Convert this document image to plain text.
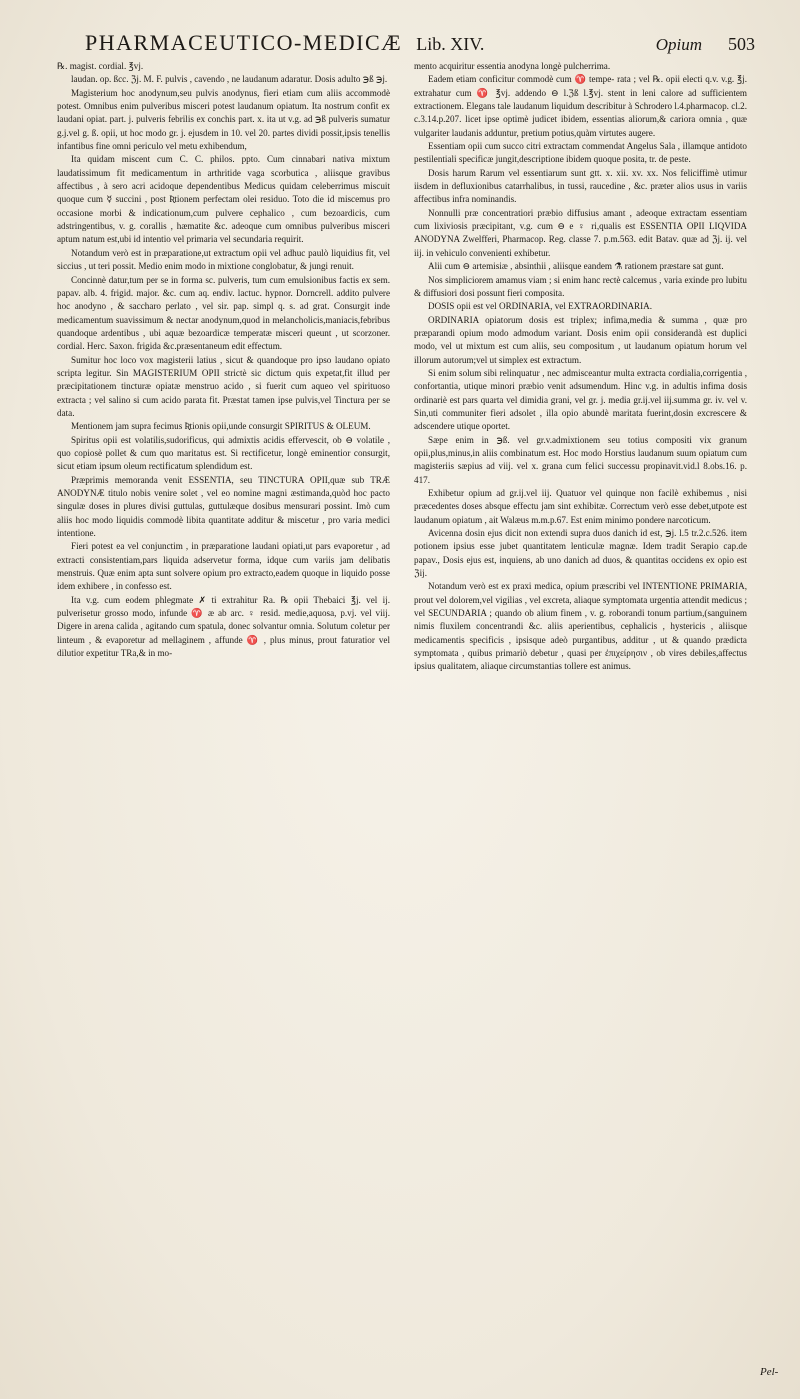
PHARMACEUTICO-MEDICÆ Lib. XIV.	Opium 503

℞. magist. cordial. ℥vj.

laudan. op. ßcc. ℨj. M. F. pulvis , cavendo , ne laudanum adaratur. Dosis adulto ℈ß ℈j.

Magisterium hoc anodynum,seu pulvis anodynus, fieri etiam cum aliis accommodè potest. Omnibus enim pulveribus misceri potest laudanum opiatum. Ita nostrum confit ex laudani opiat. part. j. pulveris febrilis ex conchis part. x. ita ut v.g. ad ℈ß pulveris sumatur g.j.vel g. ß. opii, ut hoc modo gr. j. ejusdem in 10. vel 20. partes dividi possit,ipsis tenellis infantibus fine omni periculo vel metu exhibendum,

Ita quidam miscent cum C. C. philos. ppto. Cum cinnabari nativa mixtum laudatissimum fit medicamentum in arthritide vaga scorbutica , aliisque gravibus affectibus , à sero acri acidoque dependentibus Medicus quidam celeberrimus miscuit quoque cum ☿ succini , post Ʀtionem perfectam olei residuo. Toto die id miscemus pro occasione morbi & indicationum,cum pulvere cephalico , cum bezoardicis, cum adstringentibus, v. g. corallis , hæmatite &c. adeoque cum omnibus pulveribus misceri aptum natum est,ubi id intentio vel primaria vel secundaria requirit.

Notandum verò est in præparatione,ut extractum opii vel adhuc paulò liquidius fit, vel siccius , ut teri possit. Medio enim modo in mixtione conglobatur, & jungi renuit.

Concinnè datur,tum per se in forma sc. pulveris, tum cum emulsionibus factis ex sem. papav. alb. 4. frigid. major. &c. cum aq. endiv. lactuc. hypnor. Dorncrell. addito pulvere hoc anodyno , & saccharo perlato , vel sir. pap. simpl q. s. ad grat. Consurgit inde medicamentum suavissimum & nectar anodynum,quod in melancholicis,maniacis,febribus quandoque ardentibus , ubi aquæ bezoardicæ temperatæ misceri queunt , ut scorzoner. cordial. Herc. Saxon. frigida &c.præsentaneum edit effectum.

Sumitur hoc loco vox magisterii latius , sicut & quandoque pro ipso laudano opiato scripta legitur. Sin MAGISTERIUM OPII strictè sic dictum quis expetat,fit illud per præcipitationem tincturæ opiatæ menstruo acido , si fuerit cum aqueo vel spirituoso extracta ; vel salino si cum acido parata fit. Præstat tamen ipse pulvis,vel Tinctura per se data.

Mentionem jam supra fecimus Ʀtionis opii,unde consurgit SPIRITUS & OLEUM.

Spiritus opii est volatilis,sudorificus, qui admixtis acidis effervescit, ob ⊖ volatile , quo copiosè pollet & cum quo maritatus est. Si rectificetur, longè eminentior consurgit, sicut etiam ipsum oleum rectificatum splendidum est.

Præprimis memoranda venit ESSENTIA, seu TINCTURA OPII,quæ sub TRÆ ANODYNÆ titulo nobis venire solet , vel eo nomine magni æstimanda,quòd hoc pacto singulæ doses in plures divisi guttulas, guttulæque dosibus mensurari possint. Imò cum aliis hoc modo liquidis commodè libita quantitate additur & miscetur , pro varia medici intentione.

Fieri potest ea vel conjunctim , in præparatione laudani opiati,ut pars evaporetur , ad extracti consistentiam,pars liquida adservetur forma, idque cum variis jam delibatis menstruis. Quæ enim apta sunt solvere opium pro extracto,eadem quoque in liquido posse idem exhibere , in confesso est.

Ita v.g. cum eodem phlegmate ✗ ti extrahitur Ra. ℞ opii Thebaici ℥j. vel ij. pulverisetur grosso modo, infunde ♈ æ ab arc. ♀ resid. medie,aquosa, p.vj. vel viij. Digere in arena calida , agitando cum spatula, donec solvantur omnia. Solutum coletur per linteum , & evaporetur ad mellaginem , affunde ♈ , plus minus, prout faturatior vel dilutior expetitur TRa,& in mo-

mento acquiritur essentia anodyna longè pulcherrima.

Eadem etiam conficitur commodè cum ♈ tempe- rata ; vel ℞. opii electi q.v. v.g. ℥j. extrahatur cum ♈ ℥vj. addendo ⊖ l.ℨß l.℥vj. stent in leni calore ad sufficientem extractionem. Elegans tale laudanum liquidum describitur à Schrodero l.4.pharmacop. cl.2. c.3.14.p.207. licet ipse optimè judicet ibidem, essentias aliorum,& cariora omnia , quæ vulgariter laudanis adduntur, pretium potius,quàm virtutes augere.

Essentiam opii cum succo citri extractam commendat Angelus Sala , illamque antidoto pestilentiali specificæ jungit,descriptione ibidem quoque posita, tr. de peste.

Dosis harum Rarum vel essentiarum sunt gtt. x. xii. xv. xx. Nos feliciffimè utimur iisdem in defluxionibus catarrhalibus, in tussi, raucedine , &c. præter alios usus in variis affectibus infra nominandis.

Nonnulli præ concentratiori præbio diffusius amant , adeoque extractam essentiam cum lixiviosis præcipitant, v.g. cum ⊖ e ♀ ri,qualis est ESSENTIA OPII LIQVIDA ANODYNA Zwelfferi, Pharmacop. Reg. classe 7. p.m.563. edit Batav. quæ ad ℨj. ij. vel iij. in vehiculo convenienti exhibetur.

Alii cum ⊖ artemisiæ , absinthii , aliisque eandem ⚗ rationem præstare sat gunt.

Nos simpliciorem amamus viam ; si enim hanc rectè calcemus , varia exinde pro lubitu & diffusiori dosi possunt fieri composita.

DOSIS opii est vel ORDINARIA, vel EXTRAORDINARIA.

ORDINARIA opiatorum dosis est triplex; infima,media & summa , quæ pro præparandi opium modo admodum variant. Dosis enim opii considerandà est duplici modo, vel ut mixtum est cum aliis, seu compositum , ut laudanum opiatum horum vel illorum autorum;vel ut simplex est extractum.

Si enim solum sibi relinquatur , nec admisceantur multa extracta cordialia,corrigentia , confortantia, utique minori præbio venit adsumendum. Hinc v.g. in adultis infima dosis ordinariè est pars quarta vel dimidia grani, vel gr. j. media gr.ij.vel iij.summa gr. iv. vel v. Sin,uti communiter fieri adsolet , illa opio abundè maritata fuerint,dosin excrescere & adscendere utique oportet.

Sæpe enim in ℈ß. vel gr.v.admixtionem seu totius compositi vix granum opii,plus,minus,in aliis combinatum est. Hoc modo Horstius laudanum suum opiatum cum magisteriis sæpius ad viij. vel x. grana cum felici successu propinavit.vid.l 8.obs.16. p. 417.

Exhibetur opium ad gr.ij.vel iij. Quatuor vel quinque non facilè exhibemus , nisi præcedentes doses absque effectu jam sint exhibitæ. Correctum verò esse debet,utpote est laudanum opiatum , ait Walæus m.m.p.67. Est enim minimo pondere narcoticum.

Avicenna dosin ejus dicit non extendi supra duos danich id est, ℈j. l.5 tr.2.c.526. item potionem ipsius esse jubet quantitatem lenticulæ magnæ. Idem tradit Serapio cap.de papav., Dosis ejus est, inquiens, ab uno danich ad duos, & quantitas occidens ex opio est ℨij.

Notandum verò est ex praxi medica, opium præscribi vel INTENTIONE PRIMARIA, prout vel dolorem,vel vigilias , vel excreta, aliaque symptomata urgentia attendit medicus ; vel SECUNDARIA ; quando ob alium finem , v. g. roborandi tonum partium,(sanguinem nimis fluxilem concentrandi &c. aliis aperientibus, cephalicis , hystericis , aliisque medicamentis specificis , ipsisque adeò purgantibus, additur , ut & quando prædicta symptomata , quibus primariò debetur , quasi per ἐπιχείρησιν , ob vires debiles,affectus ipsius qualitatem, aliaque circumstantias tollere est animus.

Pel-
